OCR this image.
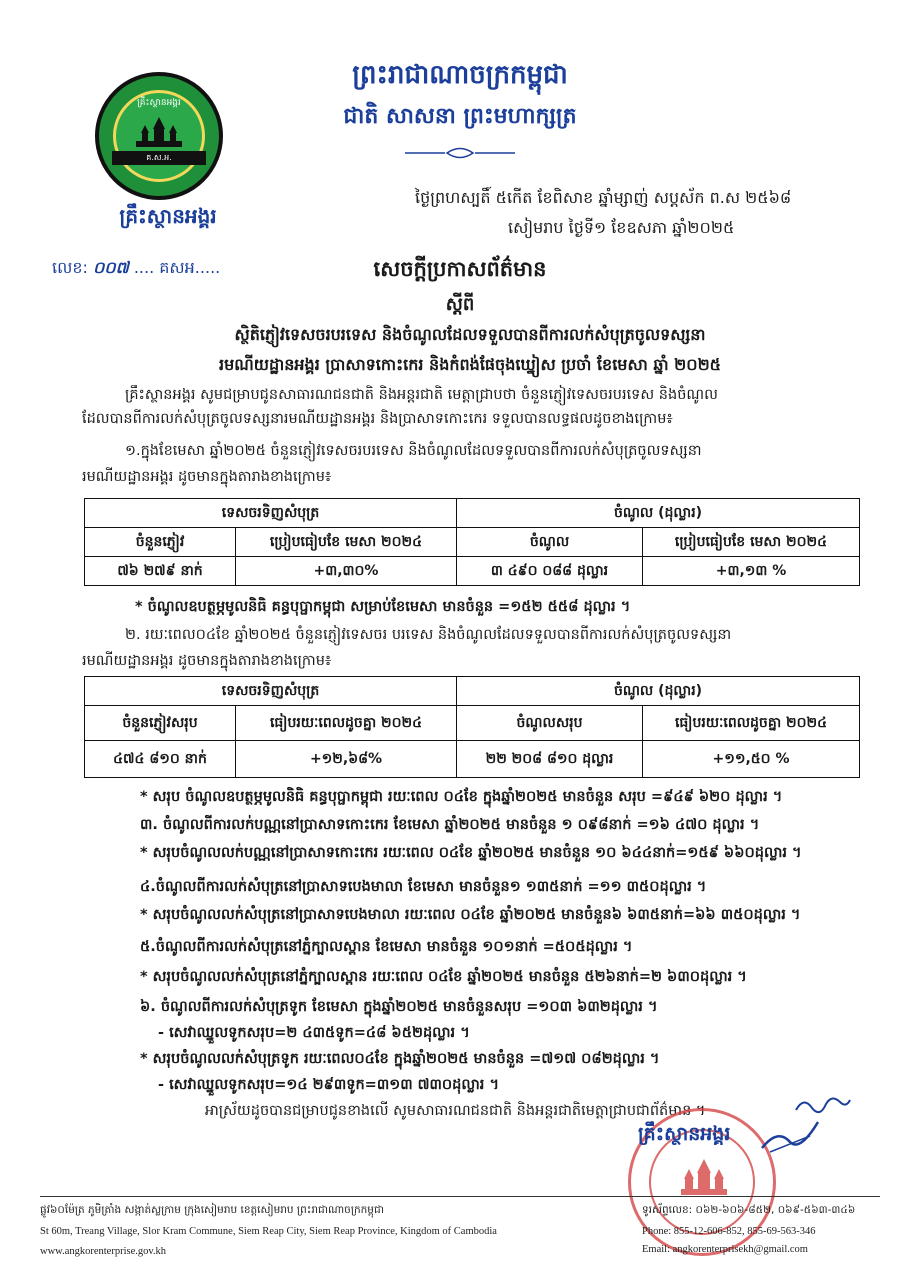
គ្រឹះស្ថានអង្គរ
គ.ស.អ.
គ្រឹះស្ថានអង្គរ
លេខ: ០០៧ .... គសអ.....
ព្រះរាជាណាចក្រកម្ពុជា
ជាតិ សាសនា ព្រះមហាក្សត្រ
ថ្ងៃព្រហស្បតិ៍ ៥កើត ខែពិសាខ ឆ្នាំម្សាញ់ សប្តស័ក ព.ស ២៥៦៨
សៀមរាប ថ្ងៃទី១ ខែឧសភា ឆ្នាំ២០២៥
សេចក្តីប្រកាសព័ត៌មាន
ស្តីពី
ស្ថិតិភ្ញៀវទេសចរបរទេស និងចំណូលដែលទទួលបានពីការលក់សំបុត្រចូលទស្សនា
រមណីយដ្ឋានអង្គរ ប្រាសាទកោះកេរ និងកំពង់ផែចុងឃ្នៀស ប្រចាំ ខែមេសា ឆ្នាំ ២០២៥
គ្រឹះស្ថានអង្គរ សូមជម្រាបជូនសាធារណជនជាតិ និងអន្តរជាតិ មេត្តាជ្រាបថា ចំនួនភ្ញៀវទេសចរបរទេស និងចំណូល
ដែលបានពីការលក់សំបុត្រចូលទស្សនារមណីយដ្ឋានអង្គរ និងប្រាសាទកោះកេរ ទទួលបានលទ្ធផលដូចខាងក្រោម៖
១.ក្នុងខែមេសា ឆ្នាំ២០២៥ ចំនួនភ្ញៀវទេសចរបរទេស និងចំណូលដែលទទួលបានពីការលក់សំបុត្រចូលទស្សនា
រមណីយដ្ឋានអង្គរ ដូចមានក្នុងតារាងខាងក្រោម៖
ទេសចរទិញសំបុត្រ		ចំណូល (ដុល្លារ)	
ចំនួនភ្ញៀវ	ប្រៀបធៀបខែ មេសា ២០២៤	ចំណូល	ប្រៀបធៀបខែ មេសា ២០២៤
៧៦ ២៧៩ នាក់	+៣,៣០%	៣ ៤៩០ ០៨៨ ដុល្លារ	+៣,១៣ %
* ចំណូលឧបត្ថម្ភមូលនិធិ គន្ធបុប្ផាកម្ពុជា សម្រាប់ខែមេសា មានចំនួន =១៥២ ៥៥៨ ដុល្លារ ។
២. រយៈពេល០៤ខែ ឆ្នាំ២០២៥ ចំនួនភ្ញៀវទេសចរ បរទេស និងចំណូលដែលទទួលបានពីការលក់សំបុត្រចូលទស្សនា
រមណីយដ្ឋានអង្គរ ដូចមានក្នុងតារាងខាងក្រោម៖
ទេសចរទិញសំបុត្រ		ចំណូល (ដុល្លារ)	
ចំនួនភ្ញៀវសរុប	ធៀបរយៈពេលដូចគ្នា ២០២៤	ចំណូលសរុប	ធៀបរយៈពេលដូចគ្នា ២០២៤
៤៧៤ ៨១០ នាក់	+១២,៦៨%	២២ ២០៨ ៨១០ ដុល្លារ	+១១,៥០ %
* សរុប ចំណូលឧបត្ថម្ភមូលនិធិ គន្ធបុប្ផាកម្ពុជា រយៈពេល ០៤ខែ ក្នុងឆ្នាំ២០២៥ មានចំនួន សរុប =៩៤៩ ៦២០ ដុល្លារ ។
៣. ចំណូលពីការលក់បណ្ណនៅប្រាសាទកោះកេរ ខែមេសា ឆ្នាំ២០២៥ មានចំនួន ១ ០៩៨នាក់ =១៦ ៤៧០ ដុល្លារ ។
* សរុបចំណូលលក់បណ្ណនៅប្រាសាទកោះកេរ រយៈពេល ០៤ខែ ឆ្នាំ២០២៥ មានចំនួន ១០ ៦៤៤នាក់=១៥៩ ៦៦០ដុល្លារ ។
៤.ចំណូលពីការលក់សំបុត្រនៅប្រាសាទបេងមាលា ខែមេសា មានចំនួន១ ១៣៥នាក់ =១១ ៣៥០ដុល្លារ ។
* សរុបចំណូលលក់សំបុត្រនៅប្រាសាទបេងមាលា រយៈពេល ០៤ខែ ឆ្នាំ២០២៥ មានចំនួន៦ ៦៣៥នាក់=៦៦ ៣៥០ដុល្លារ ។
៥.ចំណូលពីការលក់សំបុត្រនៅភ្នំក្បាលស្ពាន ខែមេសា មានចំនួន ១០១នាក់ =៥០៥ដុល្លារ ។
* សរុបចំណូលលក់សំបុត្រនៅភ្នំក្បាលស្ពាន រយៈពេល ០៤ខែ ឆ្នាំ២០២៥ មានចំនួន ៥២៦នាក់=២ ៦៣០ដុល្លារ ។
៦. ចំណូលពីការលក់សំបុត្រទូក ខែមេសា ក្នុងឆ្នាំ២០២៥ មានចំនួនសរុប =១០៣ ៦៣២ដុល្លារ ។
- សេវាឈ្នួលទូកសរុប=២ ៤៣៥ទូក=៤៨ ៦៥២ដុល្លារ ។
* សរុបចំណូលលក់សំបុត្រទូក រយៈពេល០៤ខែ ក្នុងឆ្នាំ២០២៥ មានចំនួន =៧១៧ ០៨២ដុល្លារ ។
- សេវាឈ្នួលទូកសរុប=១៤ ២៩៣ទូក=៣១៣ ៧៣០ដុល្លារ ។
អាស្រ័យដូចបានជម្រាបជូនខាងលើ សូមសាធារណជនជាតិ និងអន្តរជាតិមេត្តាជ្រាបជាព័ត៌មាន ។
គ្រឹះស្ថានអង្គរ
ផ្លូវ៦០ម៉ែត្រ ភូមិត្រាំង សង្កាត់ស្លក្រាម ក្រុងសៀមរាប ខេត្តសៀមរាប ព្រះរាជាណាចក្រកម្ពុជា
St 60m, Treang Village, Slor Kram Commune, Siem Reap City, Siem Reap Province, Kingdom of Cambodia
www.angkorenterprise.gov.kh
ទូរស័ព្ទលេខ: ០៦២-៦០៦-៨៥២, ០៦៩-៥៦៣-៣៤៦
Phone: 855-12-606-852, 855-69-563-346
Email: angkorenterprisekh@gmail.com
